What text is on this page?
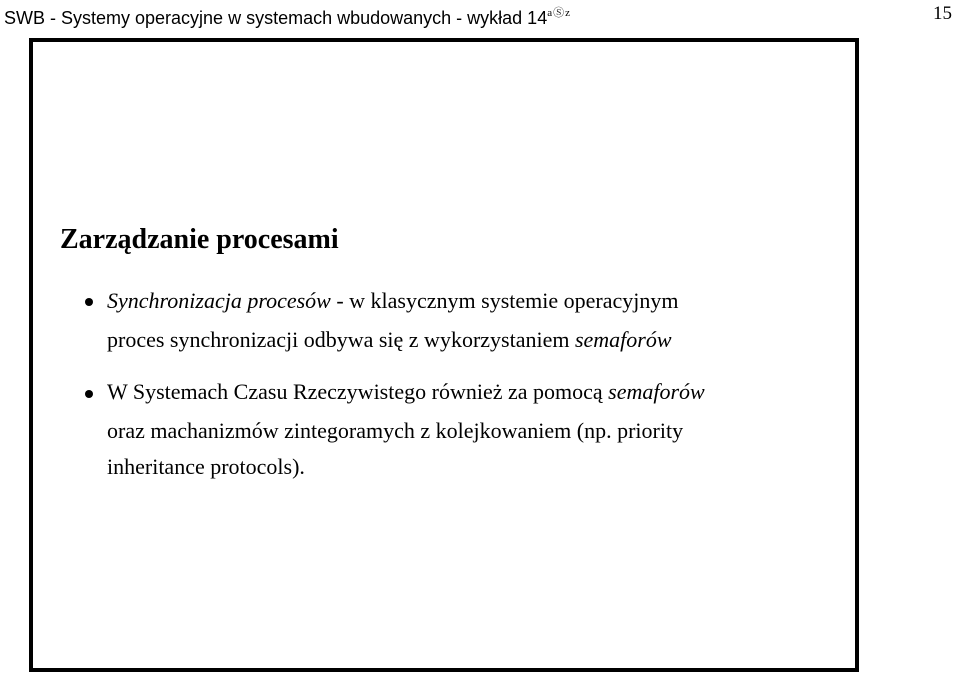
SWB - Systemy operacyjne w systemach wbudowanych - wykład $14^{aⓈz}$	15
Zarządzanie procesami
Synchronizacja procesów - w klasycznym systemie operacyjnym
proces synchronizacji odbywa się z wykorzystaniem semaforów
W Systemach Czasu Rzeczywistego również za pomocą semaforów
oraz machanizmów zintegoramych z kolejkowaniem (np. priority
inheritance protocols).
